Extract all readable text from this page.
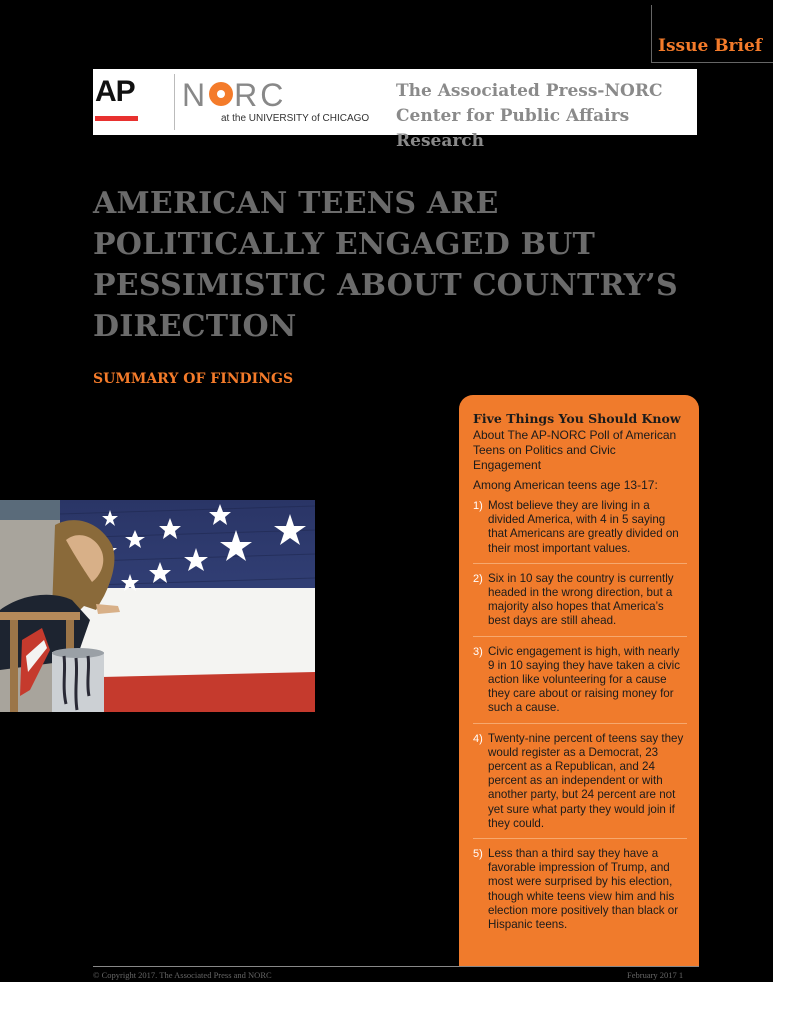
Issue Brief
AP N RC
at the UNIVERSITY of CHICAGO
The Associated Press-NORC
Center for Public Affairs Research
AMERICAN TEENS ARE POLITICALLY ENGAGED BUT PESSIMISTIC ABOUT COUNTRY’S DIRECTION
SUMMARY OF FINDINGS
Five Things You Should Know
About The AP-NORC Poll of American Teens on Politics and Civic Engagement
Among American teens age 13-17:
1) Most believe they are living in a divided America, with 4 in 5 saying that Americans are greatly divided on their most important values.
2) Six in 10 say the country is currently headed in the wrong direction, but a majority also hopes that America’s best days are still ahead.
3) Civic engagement is high, with nearly 9 in 10 saying they have taken a civic action like volunteering for a cause they care about or raising money for such a cause.
4) Twenty-nine percent of teens say they would register as a Democrat, 23 percent as a Republican, and 24 percent as an independent or with another party, but 24 percent are not yet sure what party they would join if they could.
5) Less than a third say they have a favorable impression of Trump, and most were surprised by his election, though white teens view him and his election more positively than black or Hispanic teens.
© Copyright 2017. The Associated Press and NORC	February 2017 1
